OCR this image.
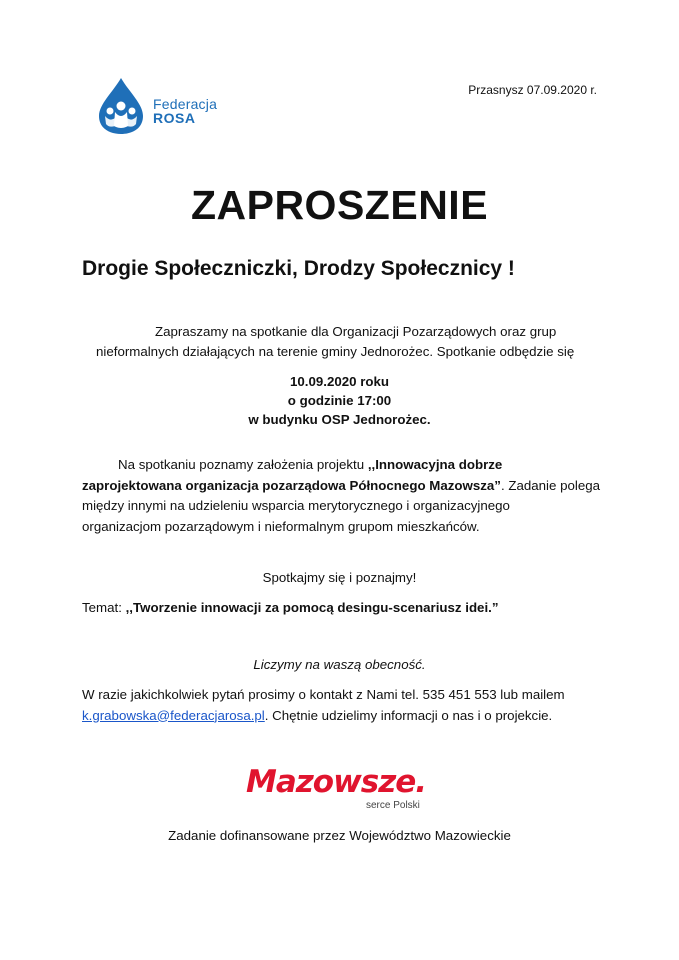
Federacja
ROSA
Przasnysz 07.09.2020 r.
ZAPROSZENIE
Drogie Społeczniczki, Drodzy Społecznicy !
Zapraszamy na spotkanie dla Organizacji Pozarządowych oraz grup
nieformalnych działających na terenie gminy Jednorożec. Spotkanie odbędzie się
10.09.2020 roku
o godzinie 17:00
w budynku OSP Jednorożec.
Na spotkaniu poznamy założenia projektu ,,Innowacyjna dobrze
zaprojektowana organizacja pozarządowa Północnego Mazowsza”. Zadanie polega
między innymi na udzieleniu wsparcia merytorycznego i organizacyjnego
organizacjom pozarządowym i nieformalnym grupom mieszkańców.
Spotkajmy się i poznajmy!
Temat: ,,Tworzenie innowacji za pomocą desingu-scenariusz idei.”
Liczymy na waszą obecność.
W razie jakichkolwiek pytań prosimy o kontakt z Nami tel. 535 451 553 lub mailem
k.grabowska@federacjarosa.pl. Chętnie udzielimy informacji o nas i o projekcie.
Mazowsze.
serce Polski
Zadanie dofinansowane przez Województwo Mazowieckie
